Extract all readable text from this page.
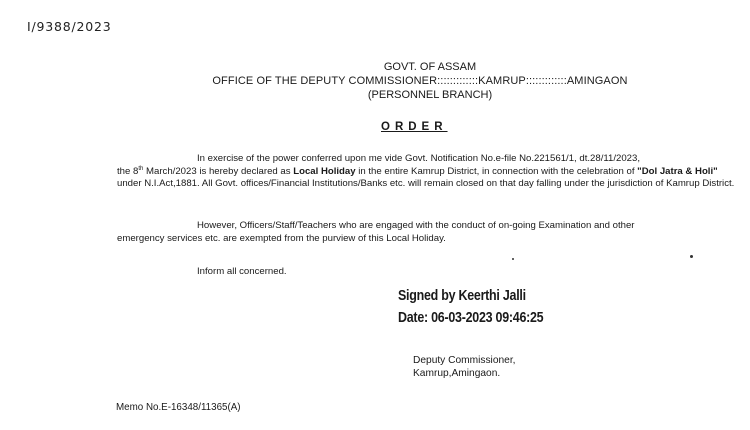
I/9388/2023
GOVT. OF ASSAM
OFFICE OF THE DEPUTY COMMISSIONER:::::::::::::KAMRUP:::::::::::::AMINGAON
(PERSONNEL BRANCH)
ORDER
In exercise of the power conferred upon me vide Govt. Notification No.e-file No.221561/1, dt.28/11/2023,
the 8th March/2023 is hereby declared as Local Holiday in the entire Kamrup District, in connection with the celebration of "Dol Jatra & Holi" under N.I.Act,1881. All Govt. offices/Financial Institutions/Banks etc. will remain closed on that day falling under the jurisdiction of Kamrup District.
However, Officers/Staff/Teachers who are engaged with the conduct of on-going Examination and other
emergency services etc. are exempted from the purview of this Local Holiday.
Inform all concerned.
Signed by Keerthi Jalli
Date: 06-03-2023 09:46:25
Deputy Commissioner,
Kamrup,Amingaon.
Memo No.E-16348/11365(A)
